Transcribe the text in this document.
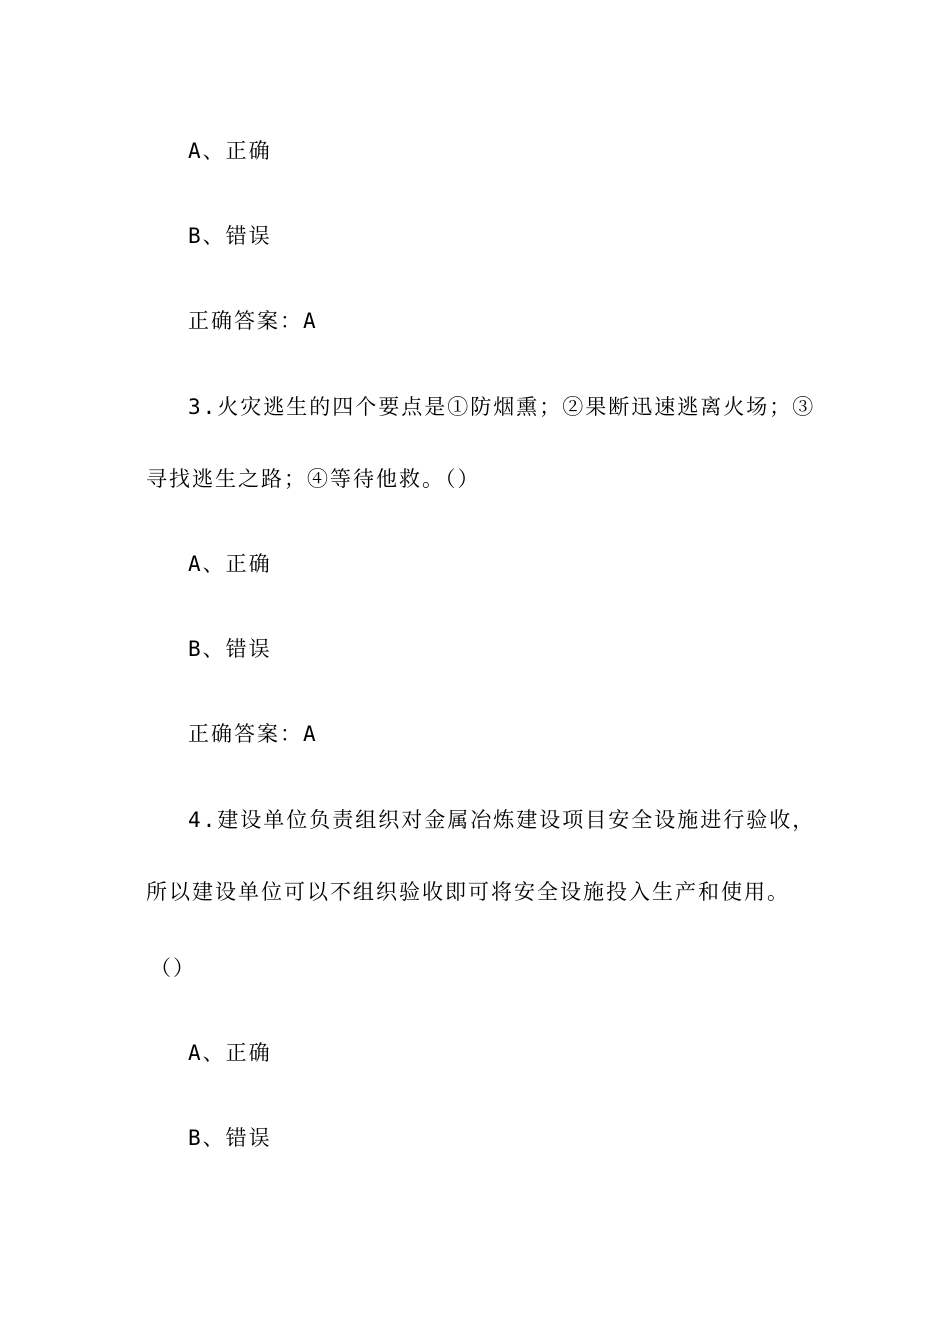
A、正确
B、错误
正确答案：A
3.火灾逃生的四个要点是①防烟熏；②果断迅速逃离火场；③
寻找逃生之路；④等待他救。（）
A、正确
B、错误
正确答案：A
4.建设单位负责组织对金属冶炼建设项目安全设施进行验收，
所以建设单位可以不组织验收即可将安全设施投入生产和使用。
（）
A、正确
B、错误
